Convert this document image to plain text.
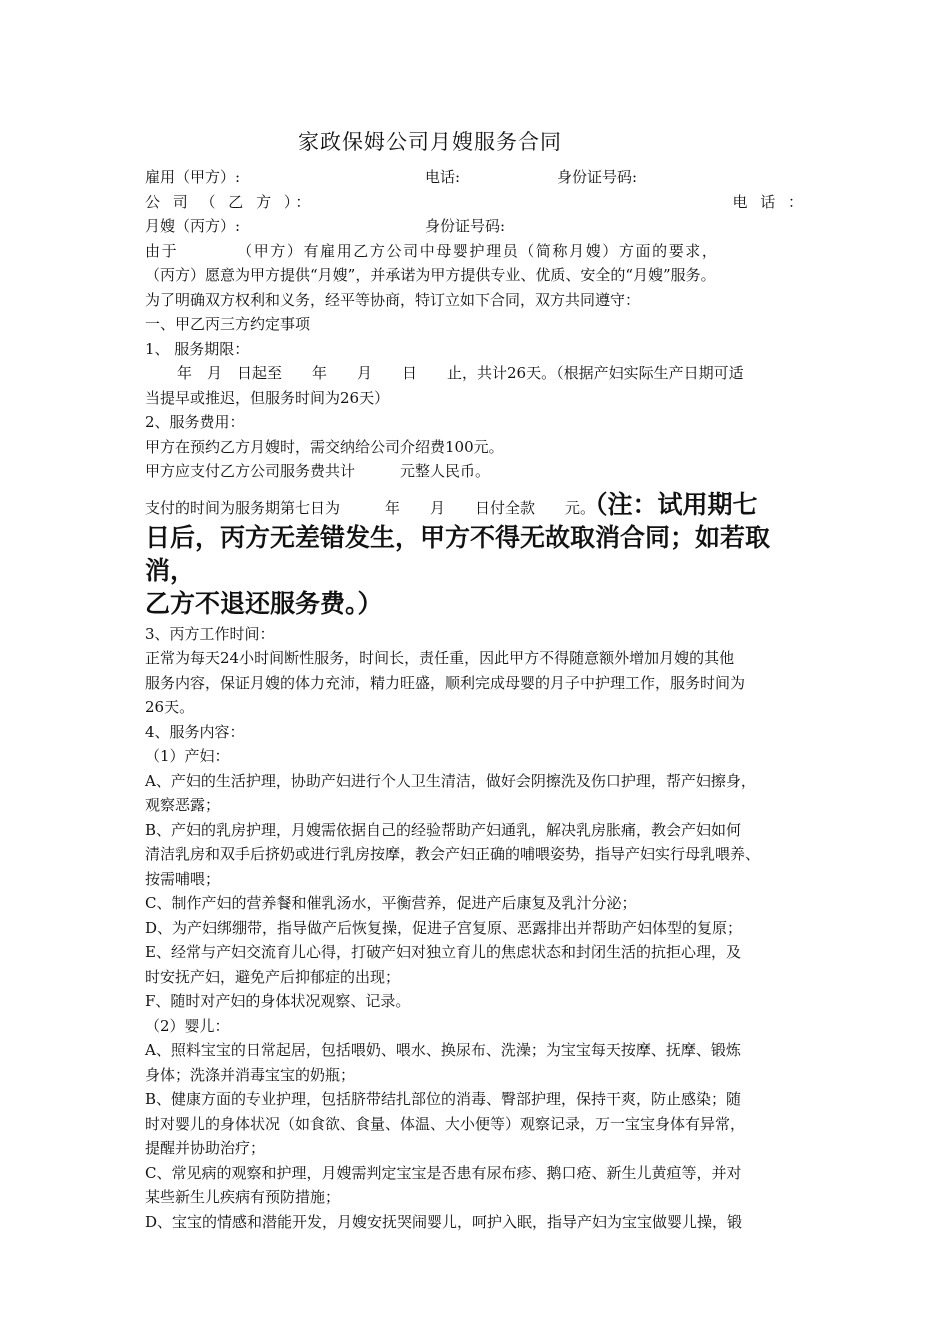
家政保姆公司月嫂服务合同
雇用（甲方）:	电话:	身份证号码:
公 司 （ 乙 方 ）：	电 话 ：
月嫂（丙方）:	身份证号码:
由于　　　　（甲方）有雇用乙方公司中母婴护理员（简称月嫂）方面的要求，
（丙方）愿意为甲方提供“月嫂”，并承诺为甲方提供专业、优质、安全的“月嫂”服务。
为了明确双方权利和义务，经平等协商，特订立如下合同，双方共同遵守：
一、甲乙丙三方约定事项
1、 服务期限：
年　月　日起至　　年　　月　　日　　止，共计26天。（根据产妇实际生产日期可适
当提早或推迟，但服务时间为26天）
2、服务费用：
甲方在预约乙方月嫂时，需交纳给公司介绍费100元。
甲方应支付乙方公司服务费共计　　　元整人民币。
支付的时间为服务期第七日为　　　年　　月　　日付全款　　元。（注：试用期七
日后，丙方无差错发生，甲方不得无故取消合同；如若取消，
乙方不退还服务费。）
3、丙方工作时间：
正常为每天24小时间断性服务，时间长，责任重，因此甲方不得随意额外增加月嫂的其他
服务内容，保证月嫂的体力充沛，精力旺盛，顺利完成母婴的月子中护理工作，服务时间为
26天。
4、服务内容：
（1）产妇：
A、产妇的生活护理，协助产妇进行个人卫生清洁，做好会阴擦洗及伤口护理，帮产妇擦身，
观察恶露；
B、产妇的乳房护理，月嫂需依据自己的经验帮助产妇通乳，解决乳房胀痛，教会产妇如何
清洁乳房和双手后挤奶或进行乳房按摩，教会产妇正确的哺喂姿势，指导产妇实行母乳喂养、
按需哺喂；
C、制作产妇的营养餐和催乳汤水，平衡营养，促进产后康复及乳汁分泌；
D、为产妇绑绷带，指导做产后恢复操，促进子宫复原、恶露排出并帮助产妇体型的复原；
E、经常与产妇交流育儿心得，打破产妇对独立育儿的焦虑状态和封闭生活的抗拒心理，及
时安抚产妇，避免产后抑郁症的出现；
F、随时对产妇的身体状况观察、记录。
（2）婴儿：
A、照料宝宝的日常起居，包括喂奶、喂水、换尿布、洗澡；为宝宝每天按摩、抚摩、锻炼
身体；洗涤并消毒宝宝的奶瓶；
B、健康方面的专业护理，包括脐带结扎部位的消毒、臀部护理，保持干爽，防止感染；随
时对婴儿的身体状况（如食欲、食量、体温、大小便等）观察记录，万一宝宝身体有异常，
提醒并协助治疗；
C、常见病的观察和护理，月嫂需判定宝宝是否患有尿布疹、鹅口疮、新生儿黄疸等，并对
某些新生儿疾病有预防措施；
D、宝宝的情感和潜能开发，月嫂安抚哭闹婴儿，呵护入眠，指导产妇为宝宝做婴儿操，锻
